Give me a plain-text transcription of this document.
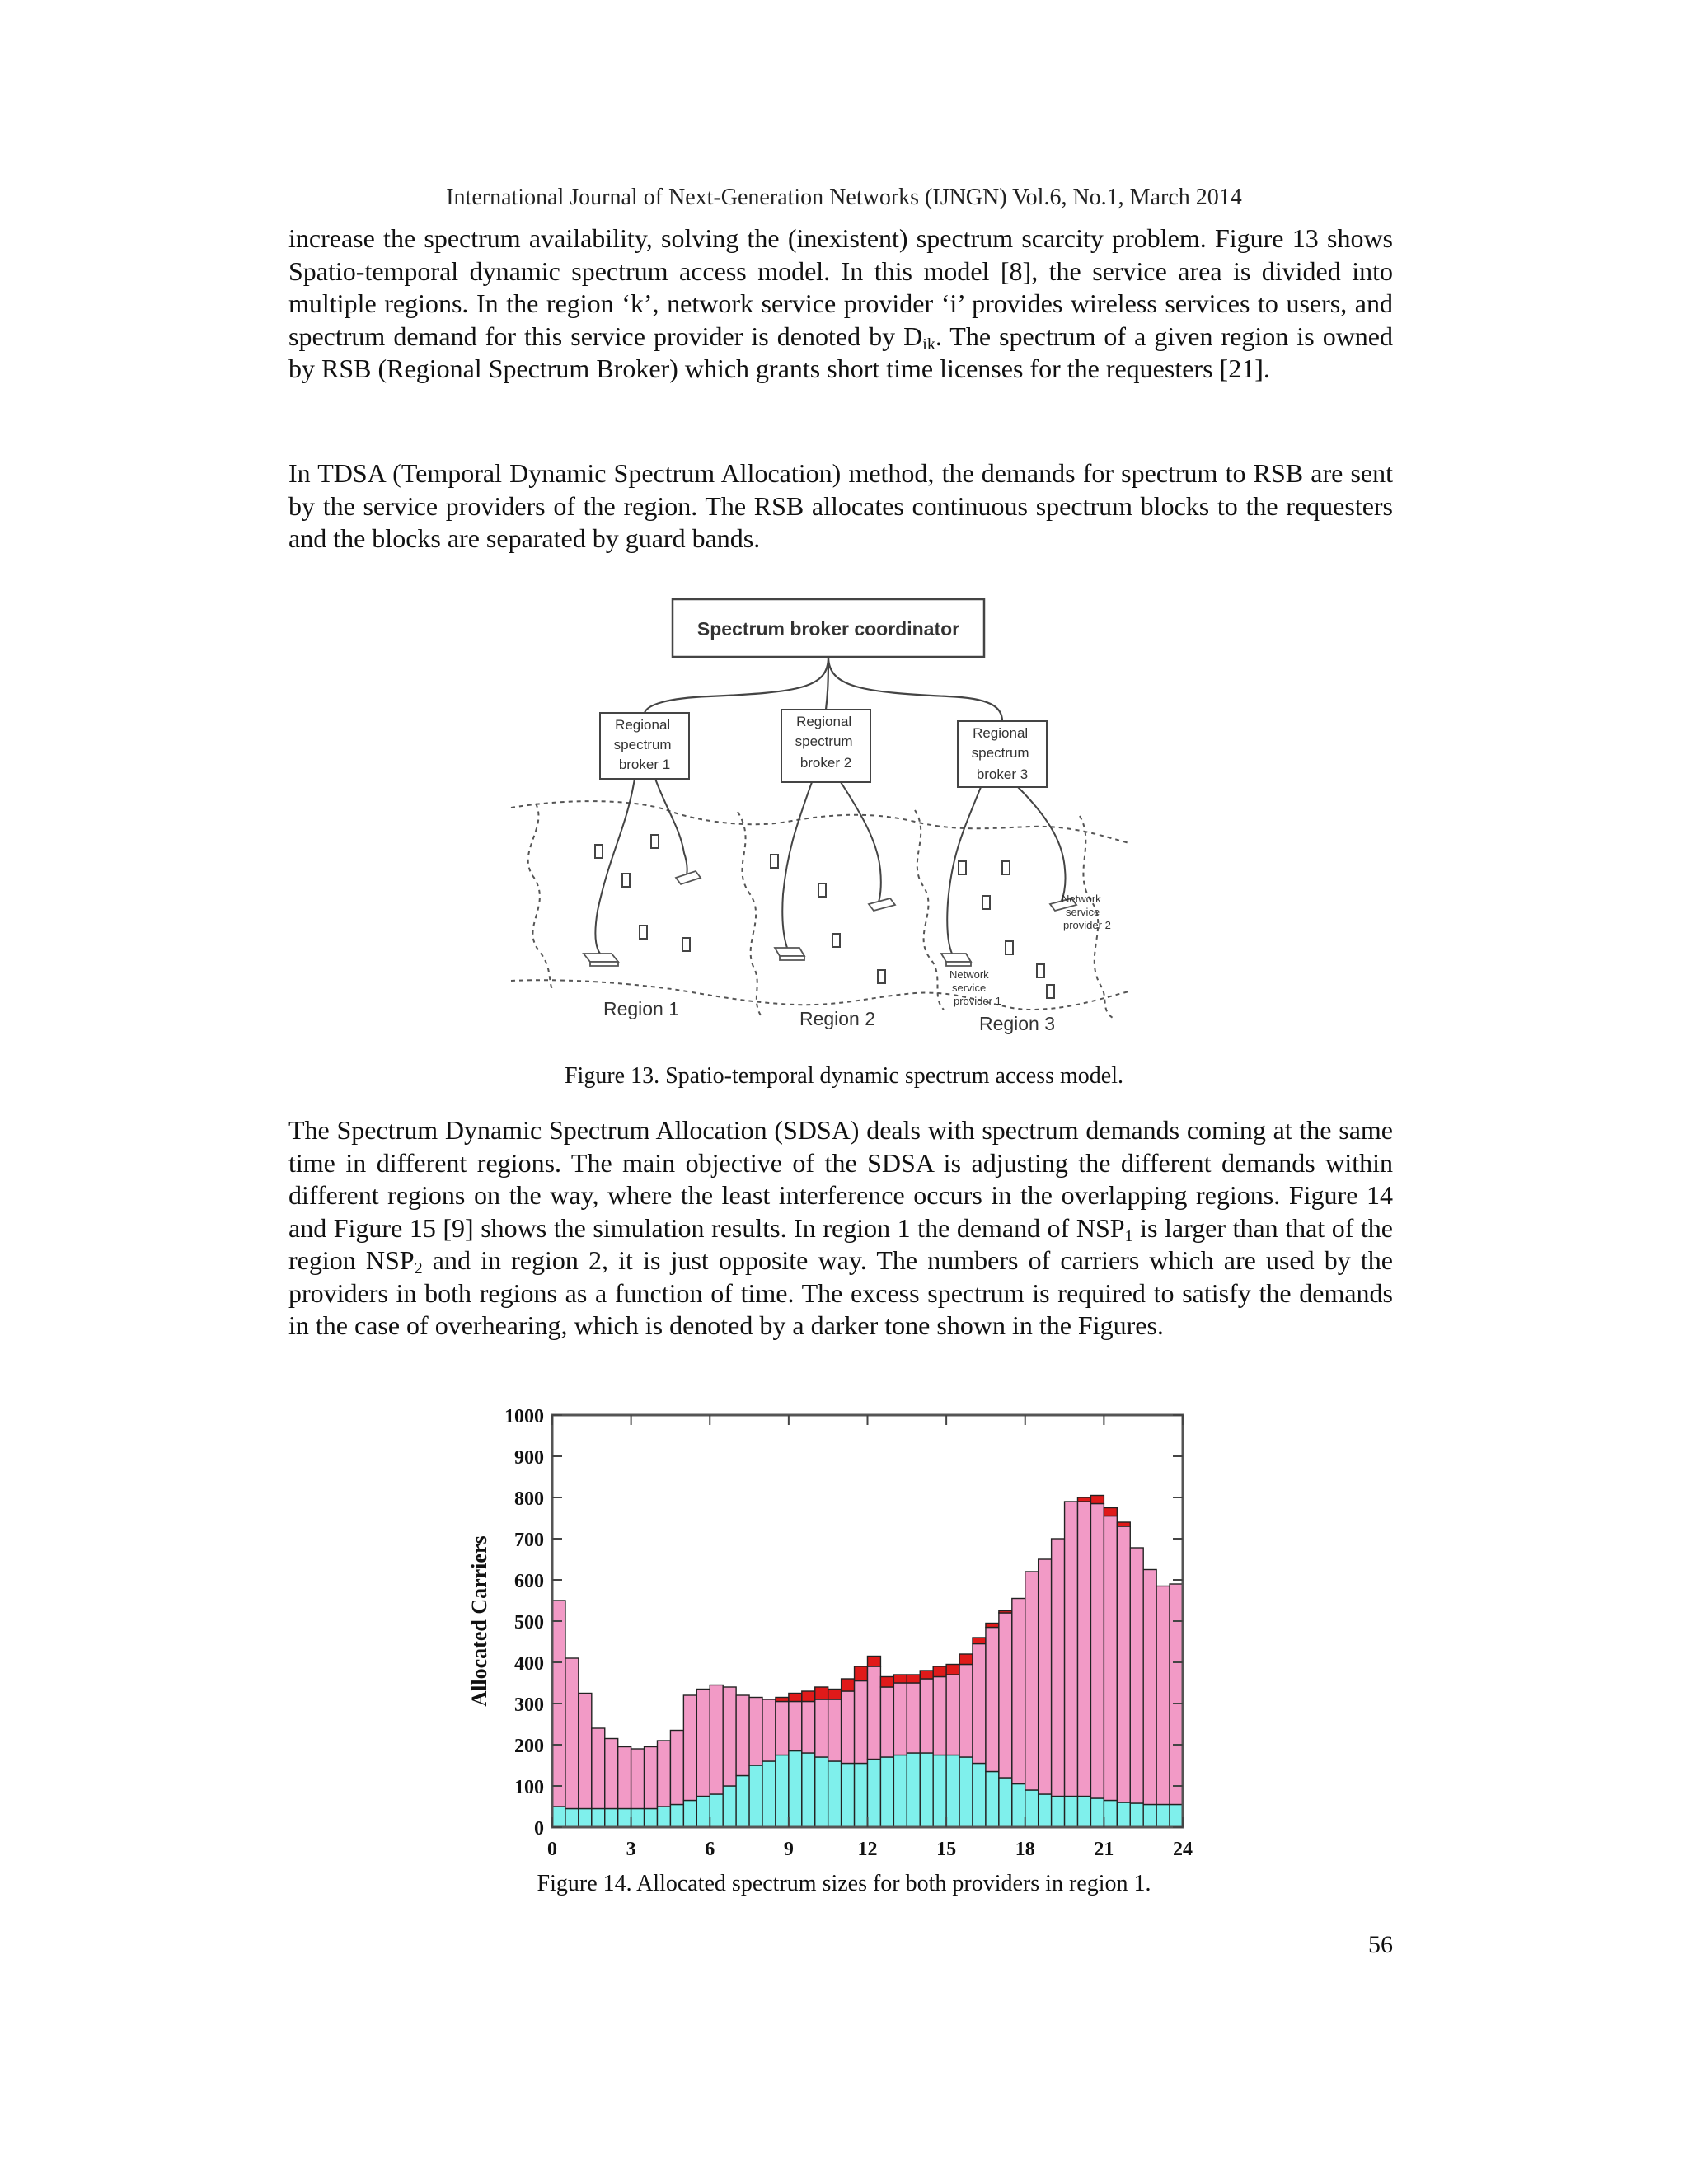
International Journal of Next-Generation Networks (IJNGN) Vol.6, No.1, March 2014

increase the spectrum availability, solving the (inexistent) spectrum scarcity problem. Figure 13 shows Spatio-temporal dynamic spectrum access model. In this model [8], the service area is divided into multiple regions. In the region ‘k’, network service provider ‘i’ provides wireless services to users, and spectrum demand for this service provider is denoted by $D_{ik}$. The spectrum of a given region is owned by RSB (Regional Spectrum Broker) which grants short time licenses for the requesters [21].

In TDSA (Temporal Dynamic Spectrum Allocation) method, the demands for spectrum to RSB are sent by the service providers of the region. The RSB allocates continuous spectrum blocks to the requesters and the blocks are separated by guard bands.

Spectrum broker coordinator
Regional spectrum broker 1
Regional spectrum broker 2
Regional spectrum broker 3
Region 1	Region 2	Region 3
Network service provider 1
Network service provider 2
Figure 13. Spatio-temporal dynamic spectrum access model.

The Spectrum Dynamic Spectrum Allocation (SDSA) deals with spectrum demands coming at the same time in different regions. The main objective of the SDSA is adjusting the different demands within different regions on the way, where the least interference occurs in the overlapping regions. Figure 14 and Figure 15 [9] shows the simulation results. In region 1 the demand of $NSP_1$ is larger than that of the region $NSP_2$ and in region 2, it is just opposite way. The numbers of carriers which are used by the providers in both regions as a function of time. The excess spectrum is required to satisfy the demands in the case of overhearing, which is denoted by a darker tone shown in the Figures.

0
100
200
300
400
500
600
700
800
900
1000
0	3	6	9	12	15	18	21	24
Allocated Carriers
Figure 14. Allocated spectrum sizes for both providers in region 1.
56
